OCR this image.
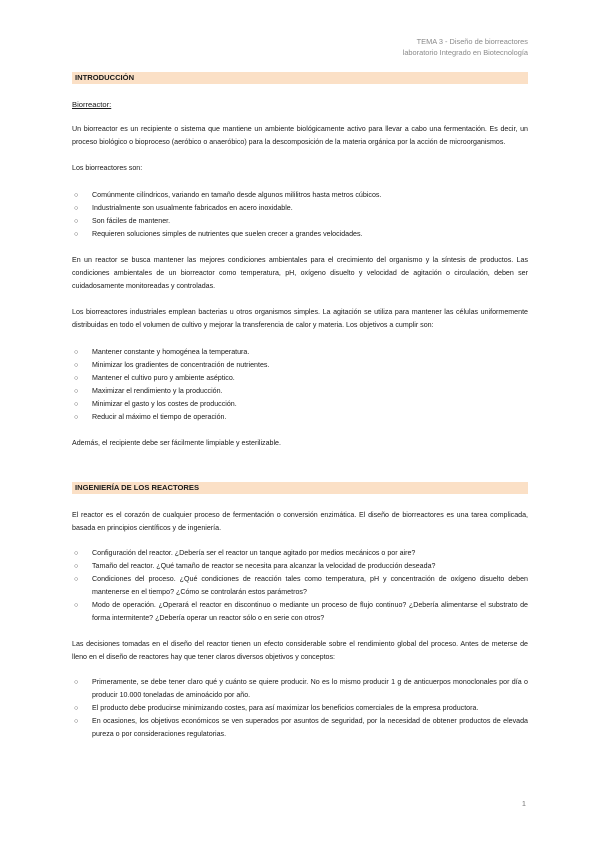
TEMA 3 - Diseño de biorreactores
laboratorio Integrado en Biotecnología
INTRODUCCIÓN
Biorreactor:

Un biorreactor es un recipiente o sistema que mantiene un ambiente biológicamente activo para llevar a cabo una fermentación. Es decir, un proceso biológico o bioproceso (aeróbico o anaeróbico) para la descomposición de la materia orgánica por la acción de microorganismos.

Los biorreactores son:

○ Comúnmente cilíndricos, variando en tamaño desde algunos mililitros hasta metros cúbicos.
○ Industrialmente son usualmente fabricados en acero inoxidable.
○ Son fáciles de mantener.
○ Requieren soluciones simples de nutrientes que suelen crecer a grandes velocidades.

En un reactor se busca mantener las mejores condiciones ambientales para el crecimiento del organismo y la síntesis de productos. Las condiciones ambientales de un biorreactor como temperatura, pH, oxígeno disuelto y velocidad de agitación o circulación, deben ser cuidadosamente monitoreadas y controladas.

Los biorreactores industriales emplean bacterias u otros organismos simples. La agitación se utiliza para mantener las células uniformemente distribuidas en todo el volumen de cultivo y mejorar la transferencia de calor y materia. Los objetivos a cumplir son:

○ Mantener constante y homogénea la temperatura.
○ Minimizar los gradientes de concentración de nutrientes.
○ Mantener el cultivo puro y ambiente aséptico.
○ Maximizar el rendimiento y la producción.
○ Minimizar el gasto y los costes de producción.
○ Reducir al máximo el tiempo de operación.

Además, el recipiente debe ser fácilmente limpiable y esterilizable.

INGENIERÍA DE LOS REACTORES

El reactor es el corazón de cualquier proceso de fermentación o conversión enzimática. El diseño de biorreactores es una tarea complicada, basada en principios científicos y de ingeniería.

○ Configuración del reactor. ¿Debería ser el reactor un tanque agitado por medios mecánicos o por aire?
○ Tamaño del reactor. ¿Qué tamaño de reactor se necesita para alcanzar la velocidad de producción deseada?
○ Condiciones del proceso. ¿Qué condiciones de reacción tales como temperatura, pH y concentración de oxígeno disuelto deben mantenerse en el tiempo? ¿Cómo se controlarán estos parámetros?
○ Modo de operación. ¿Operará el reactor en discontinuo o mediante un proceso de flujo continuo? ¿Debería alimentarse el substrato de forma intermitente? ¿Debería operar un reactor sólo o en serie con otros?

Las decisiones tomadas en el diseño del reactor tienen un efecto considerable sobre el rendimiento global del proceso. Antes de meterse de lleno en el diseño de reactores hay que tener claros diversos objetivos y conceptos:

○ Primeramente, se debe tener claro qué y cuánto se quiere producir. No es lo mismo producir 1 g de anticuerpos monoclonales por día o producir 10.000 toneladas de aminoácido por año.
○ El producto debe producirse minimizando costes, para así maximizar los beneficios comerciales de la empresa productora.
○ En ocasiones, los objetivos económicos se ven superados por asuntos de seguridad, por la necesidad de obtener productos de elevada pureza o por consideraciones regulatorias.
1
